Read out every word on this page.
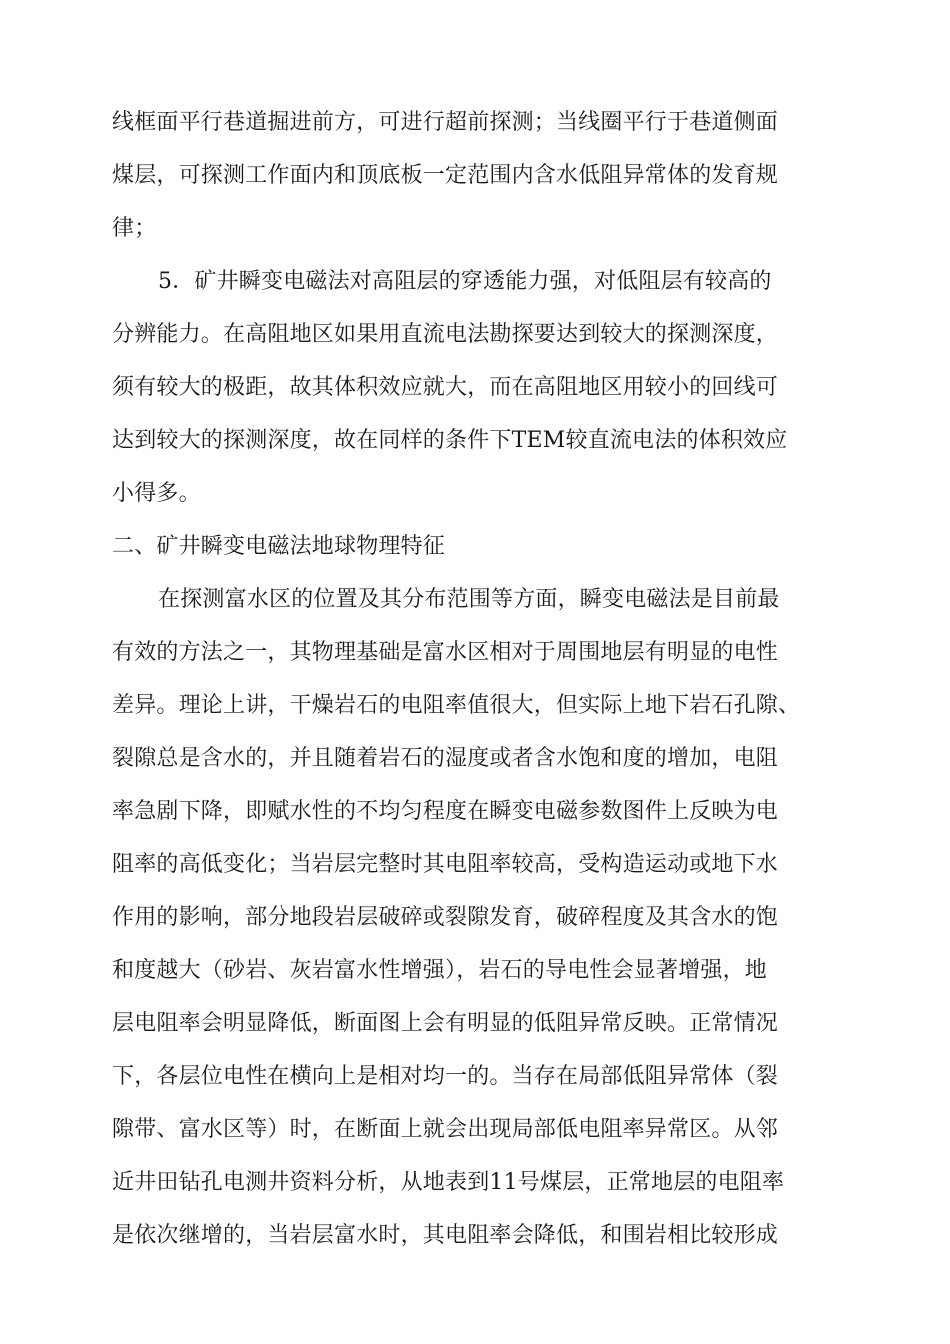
线框面平行巷道掘进前方，可进行超前探测；当线圈平行于巷道侧面
煤层，可探测工作面内和顶底板一定范围内含水低阻异常体的发育规
律；
5．矿井瞬变电磁法对高阻层的穿透能力强，对低阻层有较高的
分辨能力。在高阻地区如果用直流电法勘探要达到较大的探测深度，
须有较大的极距，故其体积效应就大，而在高阻地区用较小的回线可
达到较大的探测深度，故在同样的条件下TEM较直流电法的体积效应
小得多。
二、矿井瞬变电磁法地球物理特征
在探测富水区的位置及其分布范围等方面，瞬变电磁法是目前最
有效的方法之一，其物理基础是富水区相对于周围地层有明显的电性
差异。理论上讲，干燥岩石的电阻率值很大，但实际上地下岩石孔隙、
裂隙总是含水的，并且随着岩石的湿度或者含水饱和度的增加，电阻
率急剧下降，即赋水性的不均匀程度在瞬变电磁参数图件上反映为电
阻率的高低变化；当岩层完整时其电阻率较高，受构造运动或地下水
作用的影响，部分地段岩层破碎或裂隙发育，破碎程度及其含水的饱
和度越大（砂岩、灰岩富水性增强），岩石的导电性会显著增强，地
层电阻率会明显降低，断面图上会有明显的低阻异常反映。正常情况
下，各层位电性在横向上是相对均一的。当存在局部低阻异常体（裂
隙带、富水区等）时，在断面上就会出现局部低电阻率异常区。从邻
近井田钻孔电测井资料分析，从地表到11号煤层，正常地层的电阻率
是依次继增的，当岩层富水时，其电阻率会降低，和围岩相比较形成
